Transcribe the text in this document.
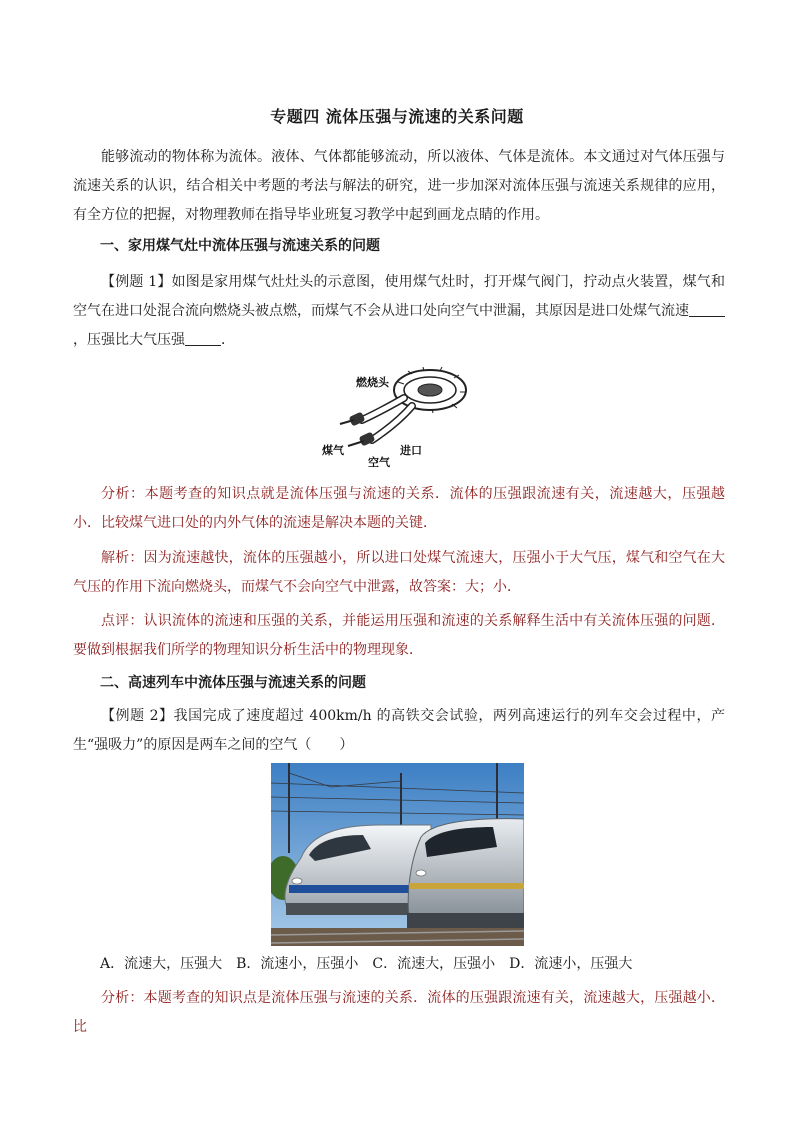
专题四 流体压强与流速的关系问题
能够流动的物体称为流体。液体、气体都能够流动，所以液体、气体是流体。本文通过对气体压强与流速关系的认识，结合相关中考题的考法与解法的研究，进一步加深对流体压强与流速关系规律的应用，有全方位的把握，对物理教师在指导毕业班复习教学中起到画龙点睛的作用。
一、家用煤气灶中流体压强与流速关系的问题
【例题 1】如图是家用煤气灶灶头的示意图，使用煤气灶时，打开煤气阀门，拧动点火装置，煤气和空气在进口处混合流向燃烧头被点燃，而煤气不会从进口处向空气中泄漏，其原因是进口处煤气流速，压强比大气压强	．
燃烧头
煤气
空气
进口
分析：本题考查的知识点就是流体压强与流速的关系．流体的压强跟流速有关，流速越大，压强越小．比较煤气进口处的内外气体的流速是解决本题的关键．
解析：因为流速越快，流体的压强越小，所以进口处煤气流速大，压强小于大气压，煤气和空气在大气压的作用下流向燃烧头，而煤气不会向空气中泄露，故答案：大；小．
点评：认识流体的流速和压强的关系，并能运用压强和流速的关系解释生活中有关流体压强的问题．要做到根据我们所学的物理知识分析生活中的物理现象．
二、高速列车中流体压强与流速关系的问题
【例题 2】我国完成了速度超过 400km/h 的高铁交会试验，两列高速运行的列车交会过程中，产生“强吸力”的原因是两车之间的空气（　　）
A．流速大，压强大　B．流速小，压强小　C．流速大，压强小　D．流速小，压强大
分析：本题考查的知识点是流体压强与流速的关系．流体的压强跟流速有关，流速越大，压强越小．比
